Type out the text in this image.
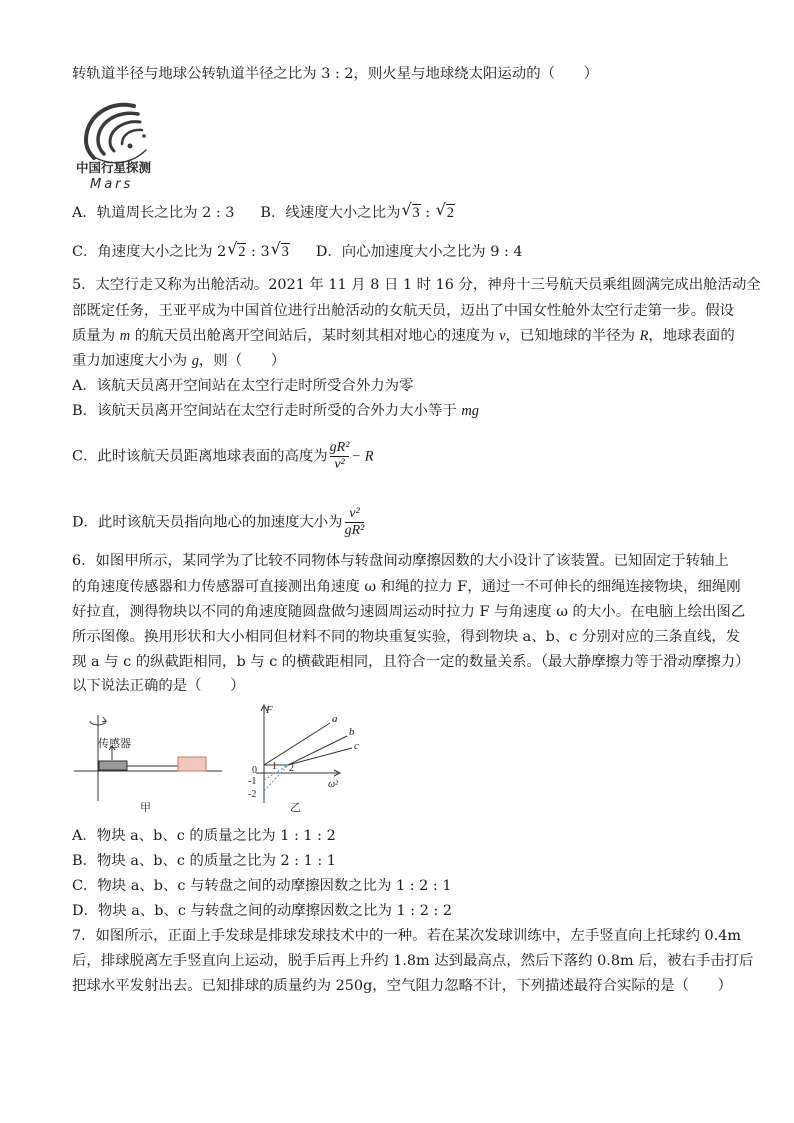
转轨道半径与地球公转轨道半径之比为 3 : 2，则火星与地球绕太阳运动的（　　）
中国行星探测
Mars
A．轨道周长之比为 2 : 3 B．线速度大小之比为 √ 3 : √ 2
C．角速度大小之比为 2 √ 2 : 3 √ 3 D．向心加速度大小之比为 9 : 4
5．太空行走又称为出舱活动。2021 年 11 月 8 日 1 时 16 分，神舟十三号航天员乘组圆满完成出舱活动全
部既定任务，王亚平成为中国首位进行出舱活动的女航天员，迈出了中国女性舱外太空行走第一步。假设
质量为 m 的航天员出舱离开空间站后，某时刻其相对地心的速度为 v，已知地球的半径为 R，地球表面的
重力加速度大小为 g，则（　　）
A．该航天员离开空间站在太空行走时所受合外力为零
B．该航天员离开空间站在太空行走时所受的合外力大小等于 mg
C．此时该航天员距离地球表面的高度为 $\frac{\text{gR²}}{\text{v²}} - R$
D．此时该航天员指向地心的加速度大小为 $\frac{\text{v²}}{\text{gR²}}$
6．如图甲所示，某同学为了比较不同物体与转盘间动摩擦因数的大小设计了该装置。已知固定于转轴上
的角速度传感器和力传感器可直接测出角速度 ω 和绳的拉力 F，通过一不可伸长的细绳连接物块，细绳刚
好拉直，测得物块以不同的角速度随圆盘做匀速圆周运动时拉力 F 与角速度 ω 的大小。在电脑上绘出图乙
所示图像。换用形状和大小相同但材料不同的物块重复实验，得到物块 a、b、c 分别对应的三条直线，发
现 a 与 c 的纵截距相同，b 与 c 的横截距相同，且符合一定的数量关系。（最大静摩擦力等于滑动摩擦力）
以下说法正确的是（　　）
传感器
甲
F
ω²
0 1 2
-1
-2
a
b
c
乙
A．物块 a、b、c 的质量之比为 1 : 1 : 2
B．物块 a、b、c 的质量之比为 2 : 1 : 1
C．物块 a、b、c 与转盘之间的动摩擦因数之比为 1 : 2 : 1
D．物块 a、b、c 与转盘之间的动摩擦因数之比为 1 : 2 : 2
7．如图所示，正面上手发球是排球发球技术中的一种。若在某次发球训练中，左手竖直向上托球约 0.4m
后，排球脱离左手竖直向上运动，脱手后再上升约 1.8m 达到最高点，然后下落约 0.8m 后，被右手击打后
把球水平发射出去。已知排球的质量约为 250g，空气阻力忽略不计，下列描述最符合实际的是（　　）
